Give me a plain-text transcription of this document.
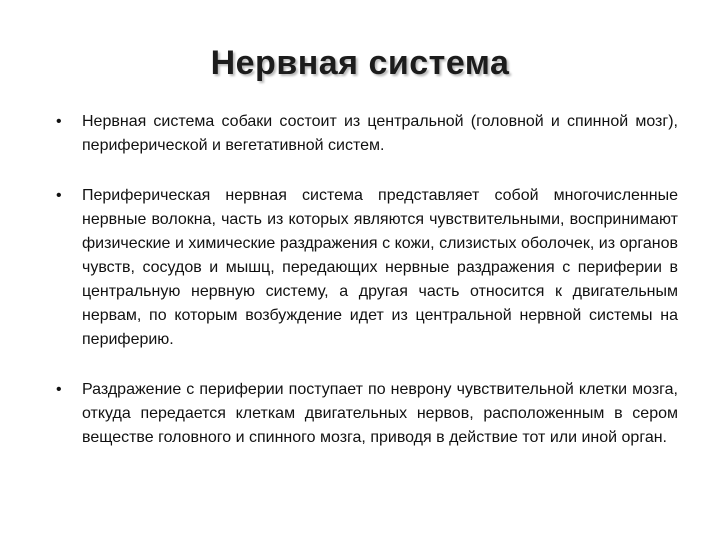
Нервная система
•	Нервная система собаки состоит из центральной (головной и спинной мозг), периферической и вегетативной систем.
•	Периферическая нервная система представляет собой многочисленные нервные волокна, часть из которых являются чувствительными, воспринимают физические и химические раздражения с кожи, слизистых оболочек, из органов чувств, сосудов и мышц, передающих нервные раздражения с периферии в центральную нервную систему, а другая часть относится к двигательным нервам, по которым возбуждение идет из центральной нервной системы на периферию.
•	Раздражение с периферии поступает по неврону чувствительной клетки мозга, откуда передается клеткам двигательных нервов, расположенным в сером веществе головного и спинного мозга, приводя в действие тот или иной орган.
